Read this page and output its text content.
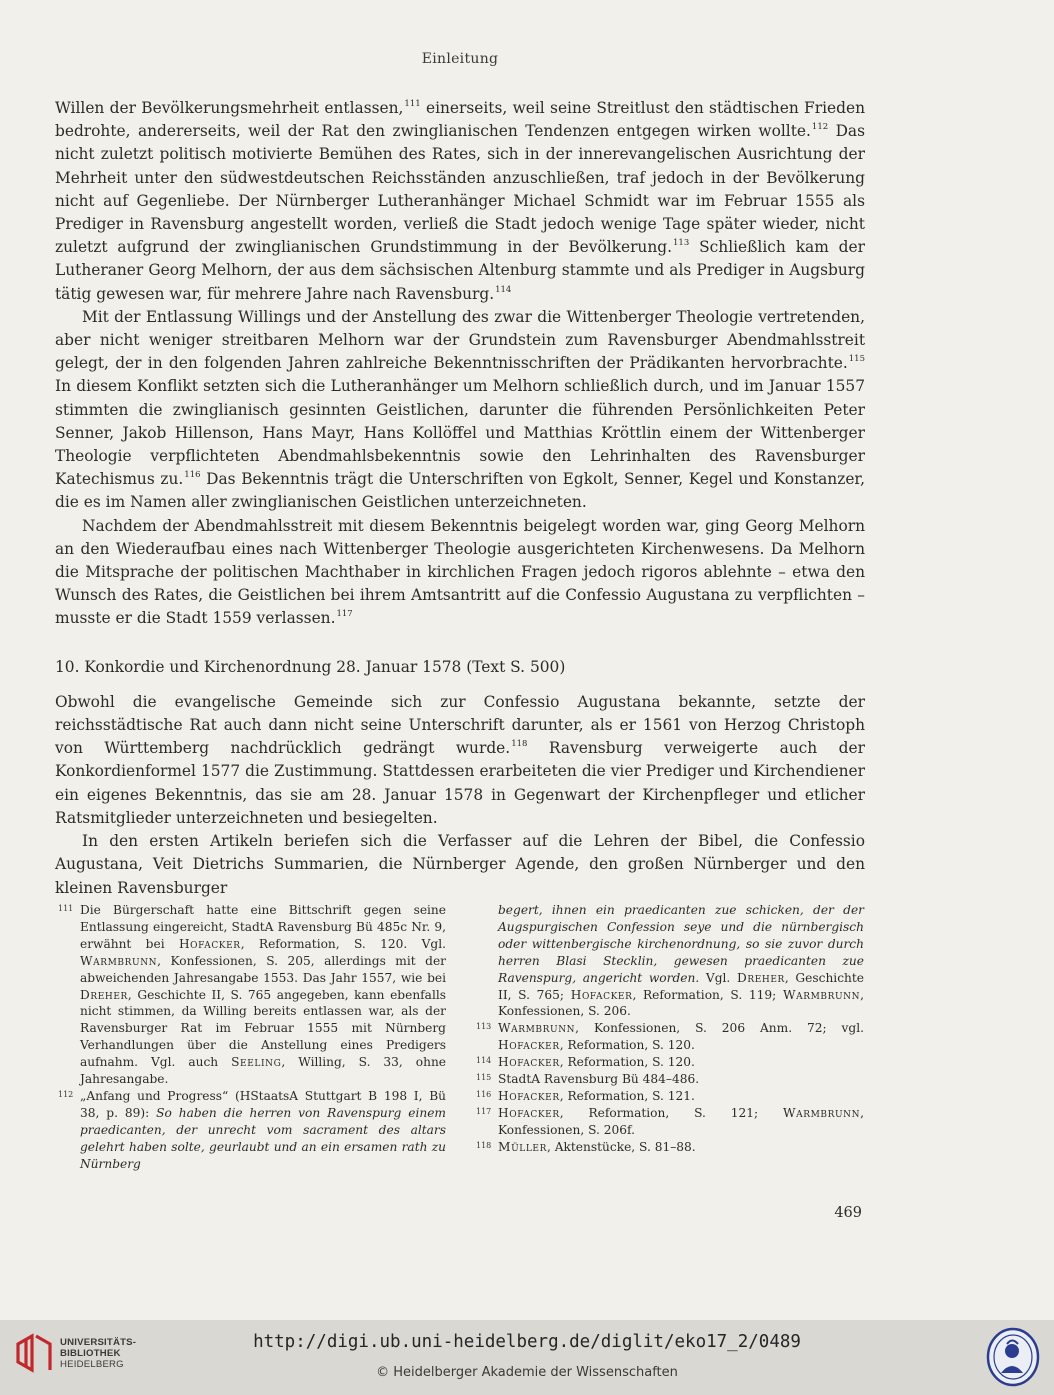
Einleitung

Willen der Bevölkerungsmehrheit entlassen,$^{111}$ einerseits, weil seine Streitlust den städtischen Frieden bedrohte, andererseits, weil der Rat den zwinglianischen Tendenzen entgegen wirken wollte.$^{112}$ Das nicht zuletzt politisch motivierte Bemühen des Rates, sich in der innerevangelischen Ausrichtung der Mehrheit unter den südwestdeutschen Reichsständen anzuschließen, traf jedoch in der Bevölkerung nicht auf Gegenliebe. Der Nürnberger Lutheranhänger Michael Schmidt war im Februar 1555 als Prediger in Ravensburg angestellt worden, verließ die Stadt jedoch wenige Tage später wieder, nicht zuletzt aufgrund der zwinglianischen Grundstimmung in der Bevölkerung.$^{113}$ Schließlich kam der Lutheraner Georg Melhorn, der aus dem sächsischen Altenburg stammte und als Prediger in Augsburg tätig gewesen war, für mehrere Jahre nach Ravensburg.$^{114}$

Mit der Entlassung Willings und der Anstellung des zwar die Wittenberger Theologie vertretenden, aber nicht weniger streitbaren Melhorn war der Grundstein zum Ravensburger Abendmahlsstreit gelegt, der in den folgenden Jahren zahlreiche Bekenntnisschriften der Prädikanten hervorbrachte.$^{115}$ In diesem Konflikt setzten sich die Lutheranhänger um Melhorn schließlich durch, und im Januar 1557 stimmten die zwinglianisch gesinnten Geistlichen, darunter die führenden Persönlichkeiten Peter Senner, Jakob Hillenson, Hans Mayr, Hans Kollöffel und Matthias Kröttlin einem der Wittenberger Theologie verpflichteten Abendmahlsbekenntnis sowie den Lehrinhalten des Ravensburger Katechismus zu.$^{116}$ Das Bekenntnis trägt die Unterschriften von Egkolt, Senner, Kegel und Konstanzer, die es im Namen aller zwinglianischen Geistlichen unterzeichneten.

Nachdem der Abendmahlsstreit mit diesem Bekenntnis beigelegt worden war, ging Georg Melhorn an den Wiederaufbau eines nach Wittenberger Theologie ausgerichteten Kirchenwesens. Da Melhorn die Mitsprache der politischen Machthaber in kirchlichen Fragen jedoch rigoros ablehnte – etwa den Wunsch des Rates, die Geistlichen bei ihrem Amtsantritt auf die Confessio Augustana zu verpflichten – musste er die Stadt 1559 verlassen.$^{117}$

10. Konkordie und Kirchenordnung 28. Januar 1578 (Text S. 500)

Obwohl die evangelische Gemeinde sich zur Confessio Augustana bekannte, setzte der reichsstädtische Rat auch dann nicht seine Unterschrift darunter, als er 1561 von Herzog Christoph von Württemberg nachdrücklich gedrängt wurde.$^{118}$ Ravensburg verweigerte auch der Konkordienformel 1577 die Zustimmung. Stattdessen erarbeiteten die vier Prediger und Kirchendiener ein eigenes Bekenntnis, das sie am 28. Januar 1578 in Gegenwart der Kirchenpfleger und etlicher Ratsmitglieder unterzeichneten und besiegelten.

In den ersten Artikeln beriefen sich die Verfasser auf die Lehren der Bibel, die Confessio Augustana, Veit Dietrichs Summarien, die Nürnberger Agende, den großen Nürnberger und den kleinen Ravensburger

111 Die Bürgerschaft hatte eine Bittschrift gegen seine Entlassung eingereicht, StadtA Ravensburg Bü 485c Nr. 9, erwähnt bei Hofacker, Reformation, S. 120. Vgl. Warmbrunn, Konfessionen, S. 205, allerdings mit der abweichenden Jahresangabe 1553. Das Jahr 1557, wie bei Dreher, Geschichte II, S. 765 angegeben, kann ebenfalls nicht stimmen, da Willing bereits entlassen war, als der Ravensburger Rat im Februar 1555 mit Nürnberg Verhandlungen über die Anstellung eines Predigers aufnahm. Vgl. auch Seeling, Willing, S. 33, ohne Jahresangabe.
112 „Anfang und Progress“ (HStaatsA Stuttgart B 198 I, Bü 38, p. 89): So haben die herren von Ravenspurg einem praedicanten, der unrecht vom sacrament des altars gelehrt haben solte, geurlaubt und an ein ersamen rath zu Nürnberg
begert, ihnen ein praedicanten zue schicken, der der Augspurgischen Confession seye und die nürnbergisch oder wittenbergische kirchenordnung, so sie zuvor durch herren Blasi Stecklin, gewesen praedicanten zue Ravenspurg, angericht worden. Vgl. Dreher, Geschichte II, S. 765; Hofacker, Reformation, S. 119; Warmbrunn, Konfessionen, S. 206.
113 Warmbrunn, Konfessionen, S. 206 Anm. 72; vgl. Hofacker, Reformation, S. 120.
114 Hofacker, Reformation, S. 120.
115 StadtA Ravensburg Bü 484–486.
116 Hofacker, Reformation, S. 121.
117 Hofacker, Reformation, S. 121; Warmbrunn, Konfessionen, S. 206f.
118 Müller, Aktenstücke, S. 81–88.
469
UNIVERSITÄTS-
BIBLIOTHEK
HEIDELBERG
http://digi.ub.uni-heidelberg.de/diglit/eko17_2/0489
© Heidelberger Akademie der Wissenschaften
